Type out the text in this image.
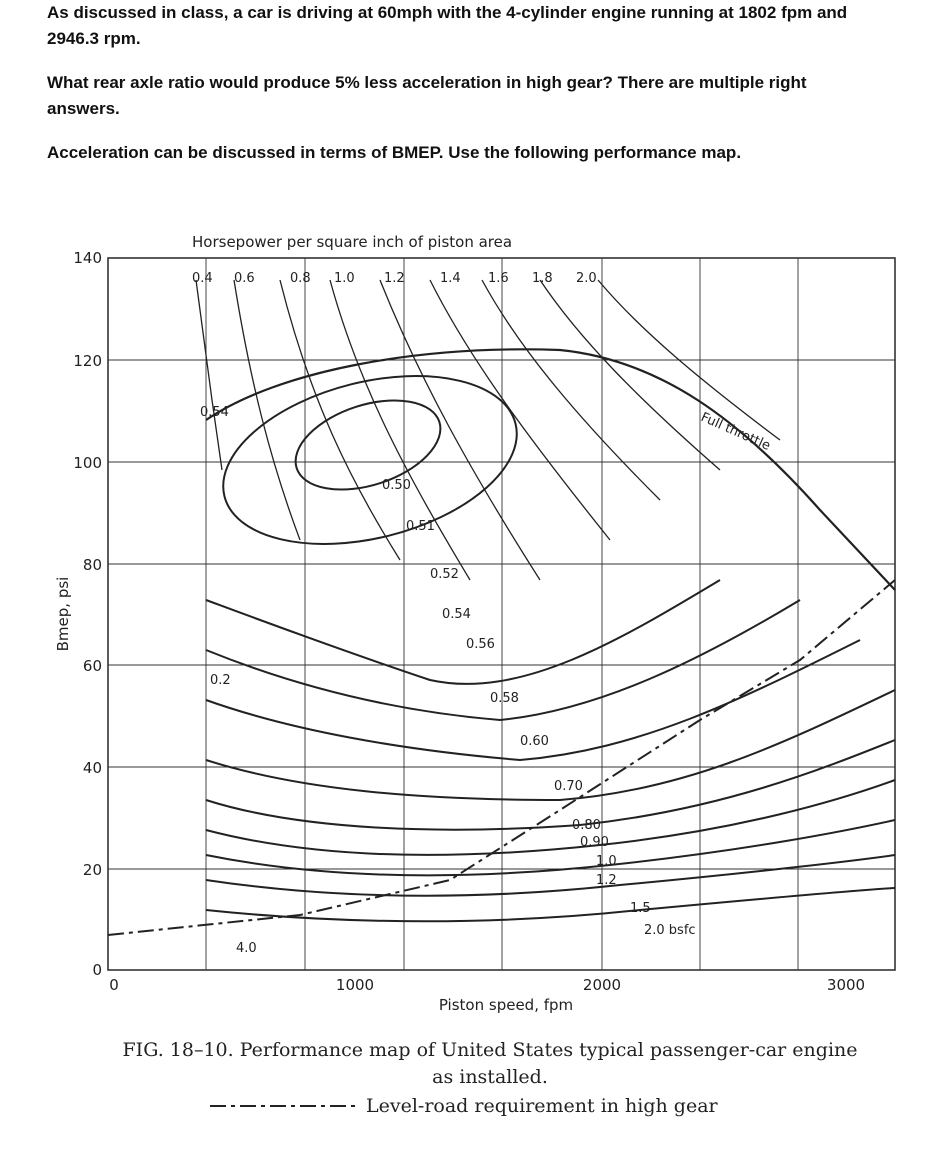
As discussed in class, a car is driving at 60mph with the 4-cylinder engine running at 1802 fpm and
2946.3 rpm.
What rear axle ratio would produce 5% less acceleration in high gear? There are multiple right
answers.
Acceleration can be discussed in terms of BMEP. Use the following performance map.
0.54
0.50
0.51
0.52
0.54
0.56
0.58
0.60
0.70
0.80
0.90
1.0
1.2
1.5
2.0 bsfc
0.2
4.0
Full throttle
Horsepower per square inch of piston area
0.4 0.6	0.8 1.0 1.2	1.4 1.6 1.8 2.0
140
120
100
80
60
40
20
0
0	1000	2000	3000
Bmep, psi
Piston speed, fpm
FIG. 18–10. Performance map of United States typical passenger-car engine
as installed.
Level-road requirement in high gear
